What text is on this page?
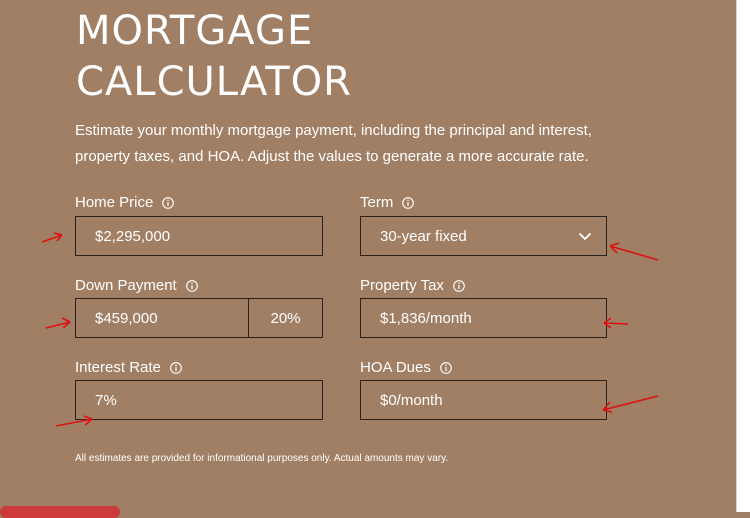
MORTGAGE
CALCULATOR

Estimate your monthly mortgage payment, including the principal and interest,
property taxes, and HOA. Adjust the values to generate a more accurate rate.

Home Price
$2,295,000
Term
30-year fixed
Down Payment
$459,000	20%
Property Tax
$1,836/month
Interest Rate
7%
HOA Dues
$0/month

All estimates are provided for informational purposes only. Actual amounts may vary.
